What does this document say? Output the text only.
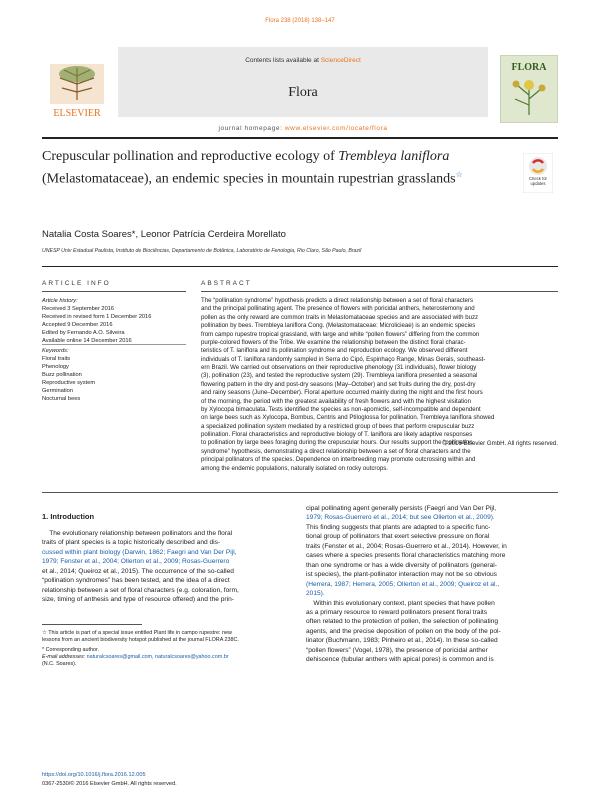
Flora 238 (2018) 138–147
ELSEVIER
Contents lists available at ScienceDirect
Flora
journal homepage: www.elsevier.com/locate/flora
FLORA
Crepuscular pollination and reproductive ecology of Trembleya laniflora (Melastomataceae), an endemic species in mountain rupestrian grasslands☆	Check for updates
Natalia Costa Soares*, Leonor Patrícia Cerdeira Morellato
UNESP Univ Estadual Paulista, Instituto de Biociências, Departamento de Botânica, Laboratório de Fenologia, Rio Claro, São Paulo, Brazil
ARTICLE INFO
Article history:
Received 3 September 2016
Received in revised form 1 December 2016
Accepted 9 December 2016
Edited by Fernando A.O. Silveira
Available online 14 December 2016
Keywords:
Floral traits
Phenology
Buzz pollination
Reproductive system
Germination
Nocturnal bees
ABSTRACT
The “pollination syndrome” hypothesis predicts a direct relationship between a set of floral characters
and the principal pollinating agent. The presence of flowers with poricidal anthers, heterostemony and
pollen as the only reward are common traits in Melastomataceae species and are associated with buzz
pollination by bees. Trembleya laniflora Cong. (Melastomataceae: Microlicieae) is an endemic species
from campo rupestre tropical grassland, with large and white “pollen flowers” differing from the common
purple-colored flowers of the Tribe. We examine the relationship between the distinct floral charac-
teristics of T. laniflora and its pollination syndrome and reproduction ecology. We observed different
individuals of T. laniflora randomly sampled in Serra do Cipó, Espinhaço Range, Minas Gerais, southeast-
ern Brazil. We carried out observations on their reproductive phenology (31 individuals), flower biology
(3), pollination (23), and tested the reproductive system (29). Trembleya laniflora presented a seasonal
flowering pattern in the dry and post-dry seasons (May–October) and set fruits during the dry, post-dry
and rainy seasons (June–December). Floral aperture occurred mainly during the night and the first hours
of the morning, the period with the greatest availability of fresh flowers and with the highest visitation
by Xylocopa bimaculata. Tests identified the species as non-apomictic, self-incompatible and dependent
on large bees such as Xylocopa, Bombus, Centris and Ptiloglossa for pollination. Trembleya laniflora showed
a specialized pollination system mediated by a restricted group of bees that perform crepuscular buzz
pollination. Floral characteristics and reproductive biology of T. laniflora are likely adaptive responses
to pollination by large bees foraging during the crepuscular hours. Our results support the “pollination
syndrome” hypothesis, demonstrating a direct relationship between a set of floral characters and the
principal pollinators of the species. Dependence on interbreeding may promote outcrossing within and
among the endemic populations, naturally isolated on rocky outcrops.
© 2016 Elsevier GmbH. All rights reserved.
1. Introduction
The evolutionary relationship between pollinators and the floral
traits of plant species is a topic historically described and dis-
cussed within plant biology (Darwin, 1862; Faegri and Van Der Pijl,
1979; Fenster et al., 2004; Ollerton et al., 2009; Rosas-Guerrero
et al., 2014; Queiroz et al., 2015). The occurrence of the so-called
“pollination syndromes” has been tested, and the idea of a direct
relationship between a set of floral characters (e.g. coloration, form,
size, timing of anthesis and type of resource offered) and the prin-
cipal pollinating agent generally persists (Faegri and Van Der Pijl,
1979; Rosas-Guerrero et al., 2014; but see Ollerton et al., 2009).
This finding suggests that plants are adapted to a specific func-
tional group of pollinators that exert selective pressure on floral
traits (Fenster et al., 2004; Rosas-Guerrero et al., 2014). However, in
cases where a species presents floral characteristics matching more
than one syndrome or has a wide diversity of pollinators (general-
ist species), the plant-pollinator interaction may not be so obvious
(Herrera, 1987; Herrera, 2005; Ollerton et al., 2009; Queiroz et al.,
2015).
Within this evolutionary context, plant species that have pollen
as a primary resource to reward pollinators present floral traits
often related to the protection of pollen, the selection of pollinating
agents, and the precise deposition of pollen on the body of the pol-
linator (Buchmann, 1983; Pinheiro et al., 2014). In these so-called
“pollen flowers” (Vogel, 1978), the presence of poricidal anther
dehiscence (tubular anthers with apical pores) is common and is
☆ This article is part of a special issue entitled Plant life in campo rupestre: new
lessons from an ancient biodiversity hotspot published at the journal FLORA 238C.
* Corresponding author.
E-mail addresses: naturalcsoares@gmail.com, naturalcsoares@yahoo.com.br
(N.C. Soares).
https://doi.org/10.1016/j.flora.2016.12.005
0367-2530/© 2016 Elsevier GmbH. All rights reserved.
